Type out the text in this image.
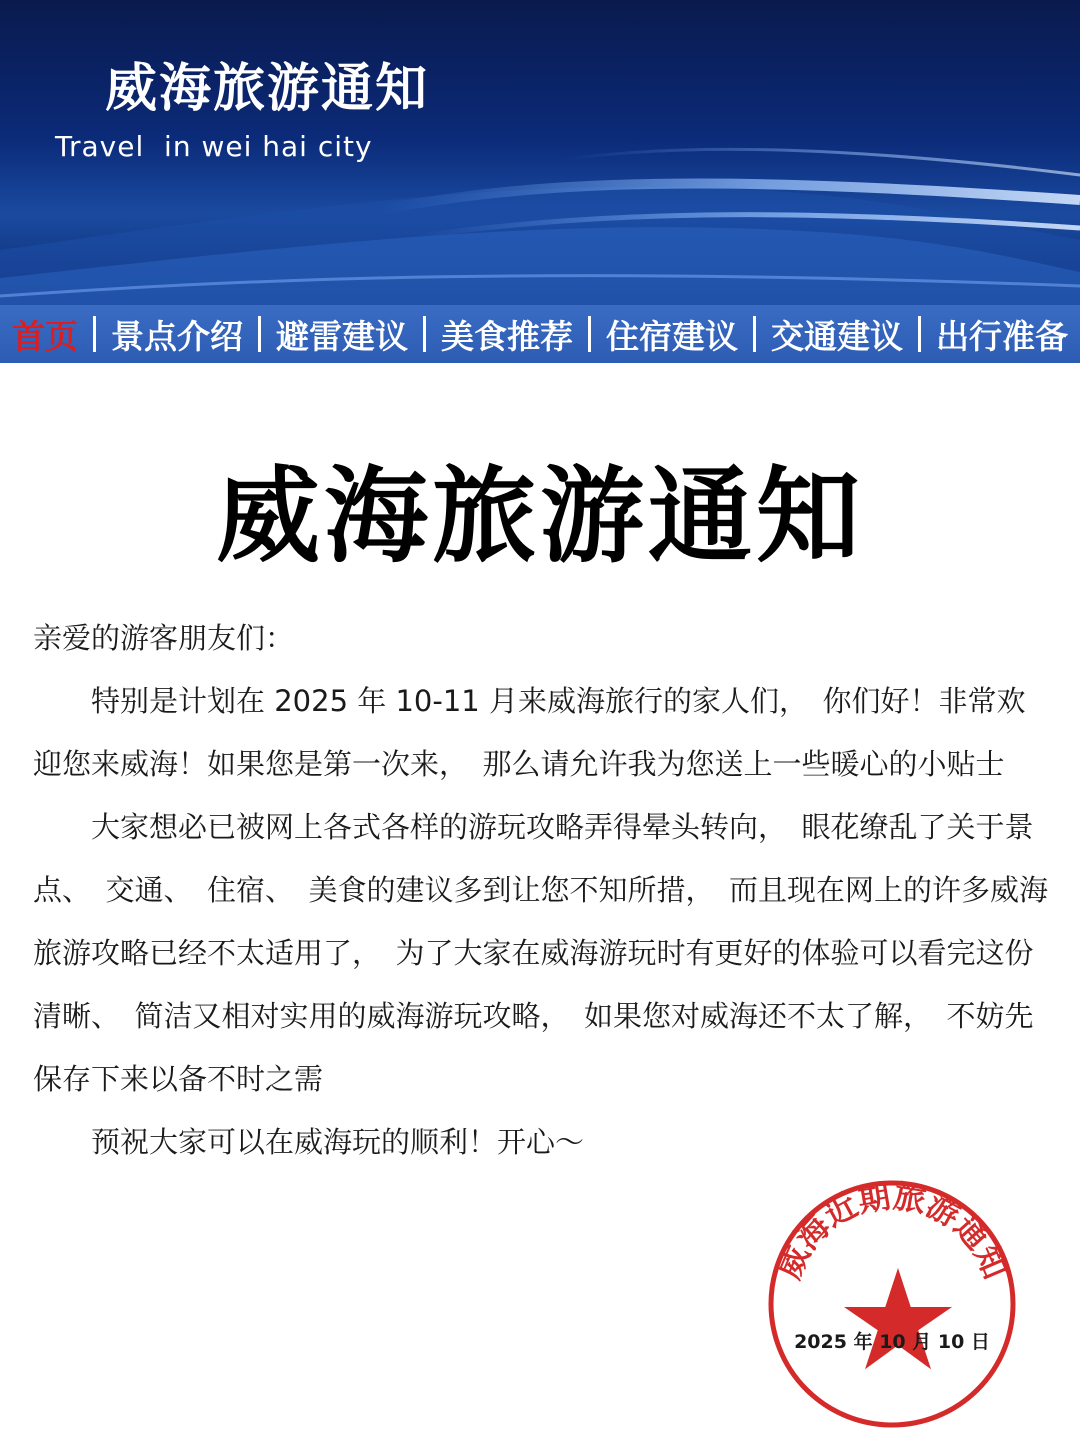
威海旅游通知
Travel  in wei hai city
首页 景点介绍 避雷建议 美食推荐 住宿建议 交通建议 出行准备
威海旅游通知

亲爱的游客朋友们：

特别是计划在 2025 年 10-11 月来威海旅行的家人们，　你们好！非常欢迎您来威海！如果您是第一次来，　那么请允许我为您送上一些暖心的小贴士

大家想必已被网上各式各样的游玩攻略弄得晕头转向，　眼花缭乱了关于景点、　交通、　住宿、　美食的建议多到让您不知所措，　而且现在网上的许多威海旅游攻略已经不太适用了，　为了大家在威海游玩时有更好的体验可以看完这份清晰、　简洁又相对实用的威海游玩攻略，　如果您对威海还不太了解，　不妨先保存下来以备不时之需

预祝大家可以在威海玩的顺利！开心～

威海近期旅游通知
2025 年 10 月 10 日
